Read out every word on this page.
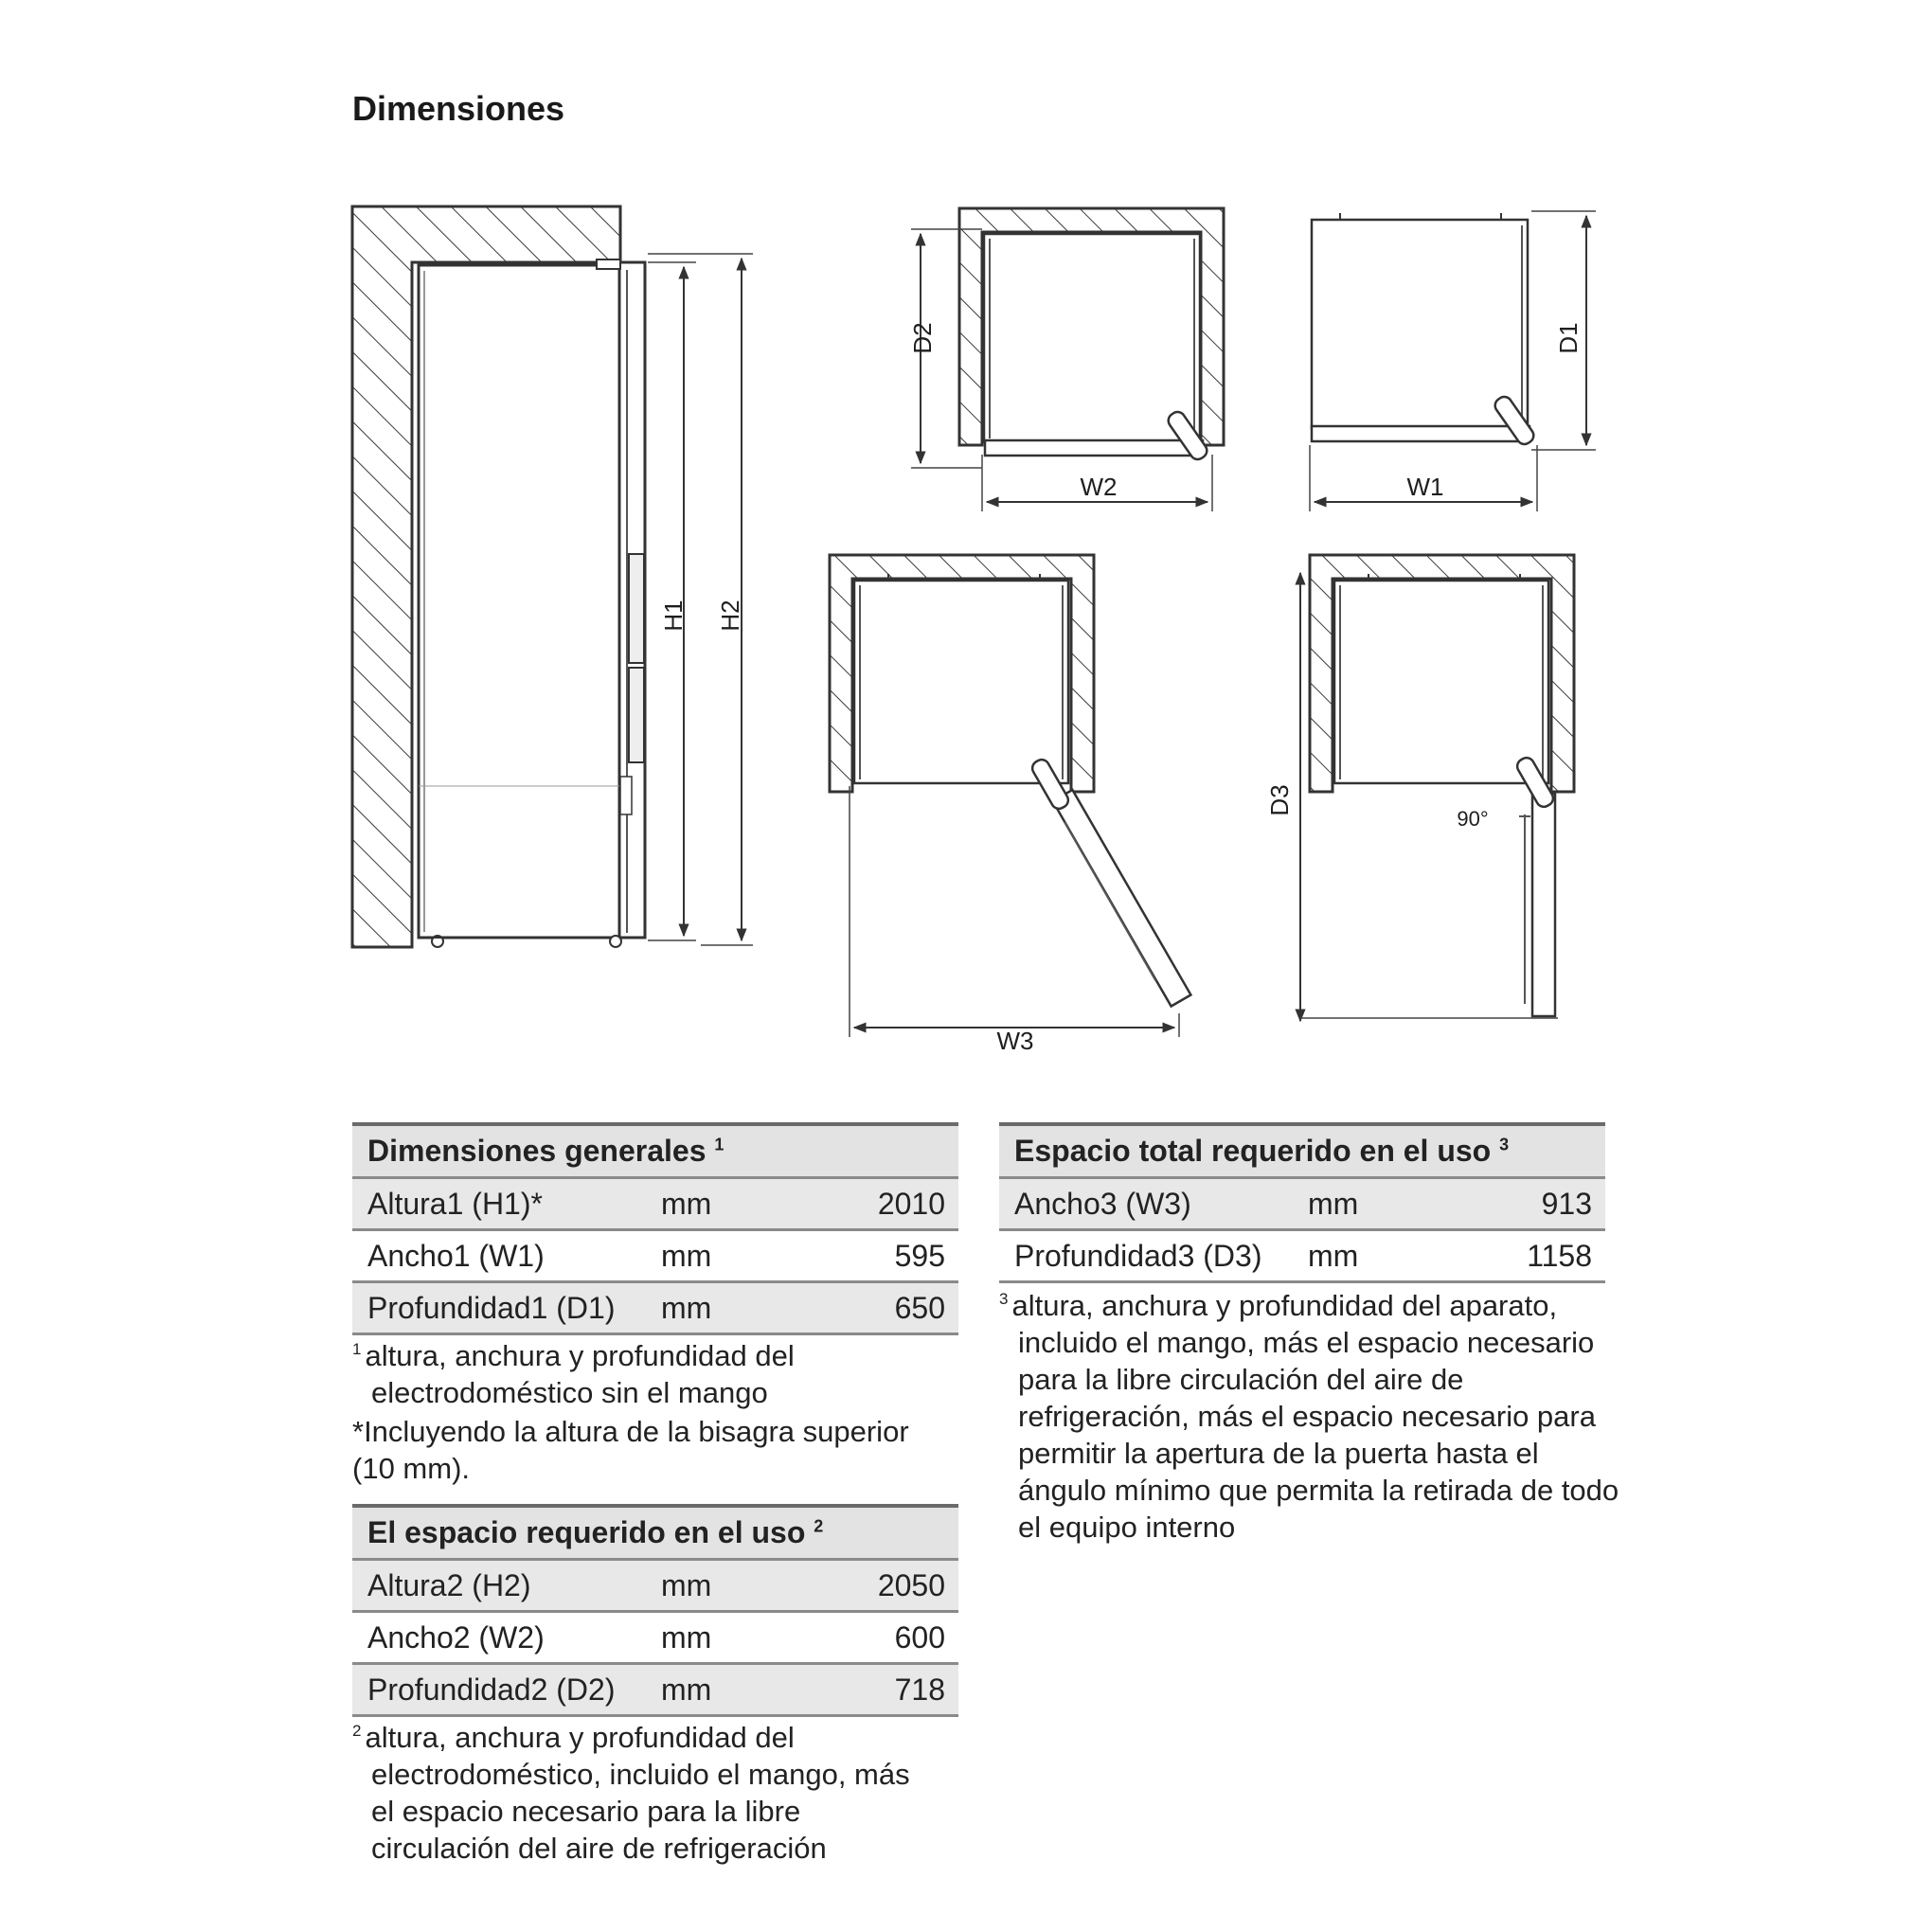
Dimensiones
H1 H2
D2
W2
D1
W1
W3
90°
D3
Dimensiones generales $^1$
Altura1 (H1)*	mm	2010
Ancho1 (W1)	mm	595
Profundidad1 (D1)	mm	650

$^1$ altura, anchura y profundidad del electrodoméstico sin el mango

*Incluyendo la altura de la bisagra superior (10 mm).

El espacio requerido en el uso $^2$
Altura2 (H2)	mm	2050
Ancho2 (W2)	mm	600
Profundidad2 (D2)	mm	718

$^2$ altura, anchura y profundidad del electrodoméstico, incluido el mango, más el espacio necesario para la libre circulación del aire de refrigeración

Espacio total requerido en el uso $^3$
Ancho3 (W3)	mm	913
Profundidad3 (D3)	mm	1158

$^3$ altura, anchura y profundidad del aparato, incluido el mango, más el espacio necesario para la libre circulación del aire de refrigeración, más el espacio necesario para permitir la apertura de la puerta hasta el ángulo mínimo que permita la retirada de todo el equipo interno
